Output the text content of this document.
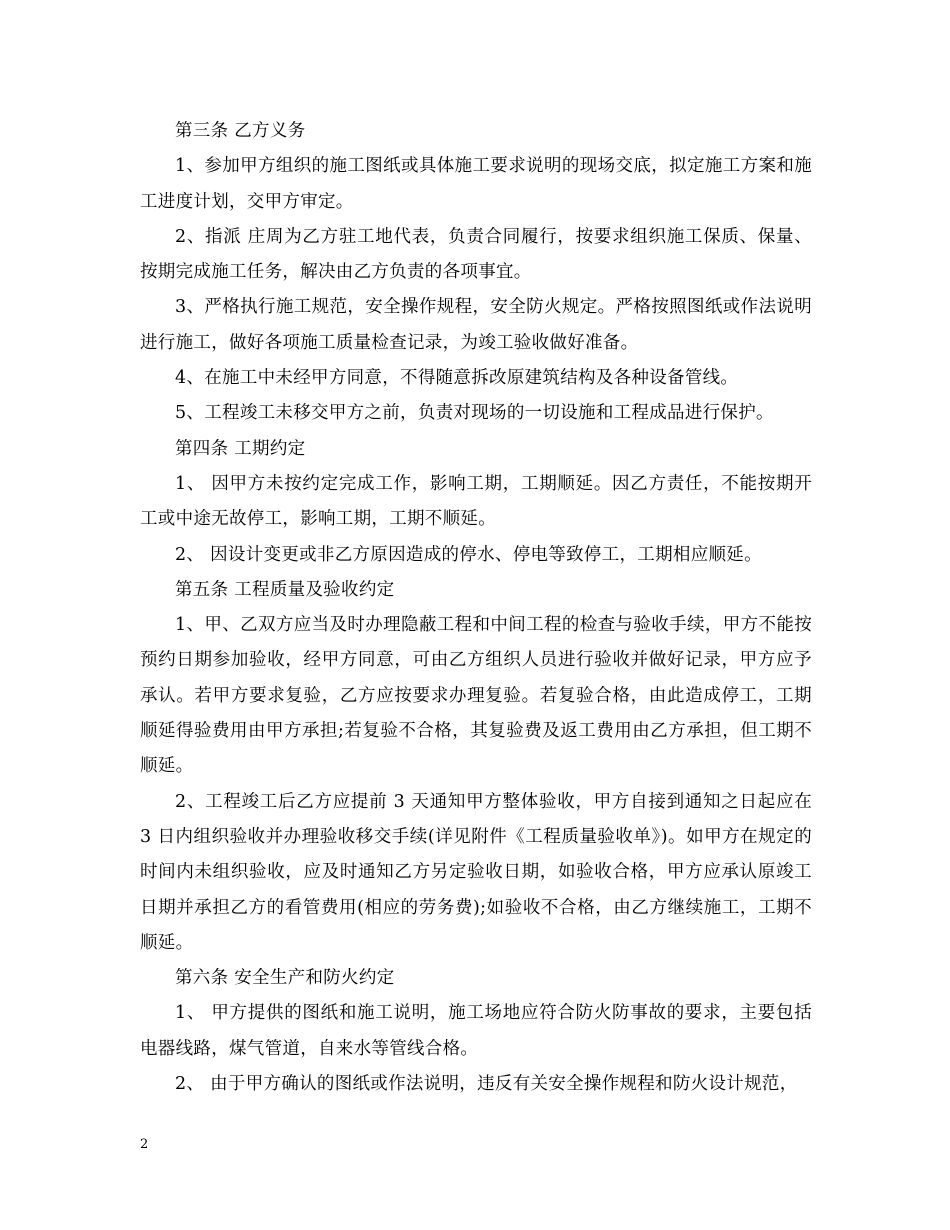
第三条 乙方义务

1、参加甲方组织的施工图纸或具体施工要求说明的现场交底，拟定施工方案和施工进度计划，交甲方审定。

2、指派 庄周为乙方驻工地代表，负责合同履行，按要求组织施工保质、保量、按期完成施工任务，解决由乙方负责的各项事宜。

3、严格执行施工规范，安全操作规程，安全防火规定。严格按照图纸或作法说明进行施工，做好各项施工质量检查记录，为竣工验收做好准备。

4、在施工中未经甲方同意，不得随意拆改原建筑结构及各种设备管线。

5、工程竣工未移交甲方之前，负责对现场的一切设施和工程成品进行保护。

第四条 工期约定

1、 因甲方未按约定完成工作，影响工期，工期顺延。因乙方责任，不能按期开工或中途无故停工，影响工期，工期不顺延。

2、 因设计变更或非乙方原因造成的停水、停电等致停工，工期相应顺延。

第五条 工程质量及验收约定

1、甲、乙双方应当及时办理隐蔽工程和中间工程的检查与验收手续，甲方不能按预约日期参加验收，经甲方同意，可由乙方组织人员进行验收并做好记录，甲方应予承认。若甲方要求复验，乙方应按要求办理复验。若复验合格，由此造成停工，工期顺延得验费用由甲方承担;若复验不合格，其复验费及返工费用由乙方承担，但工期不顺延。

2、工程竣工后乙方应提前 3 天通知甲方整体验收，甲方自接到通知之日起应在 3 日内组织验收并办理验收移交手续(详见附件《工程质量验收单》)。如甲方在规定的时间内未组织验收，应及时通知乙方另定验收日期，如验收合格，甲方应承认原竣工日期并承担乙方的看管费用(相应的劳务费);如验收不合格，由乙方继续施工，工期不顺延。

第六条 安全生产和防火约定

1、 甲方提供的图纸和施工说明，施工场地应符合防火防事故的要求，主要包括电器线路，煤气管道，自来水等管线合格。

2、 由于甲方确认的图纸或作法说明，违反有关安全操作规程和防火设计规范，

2
